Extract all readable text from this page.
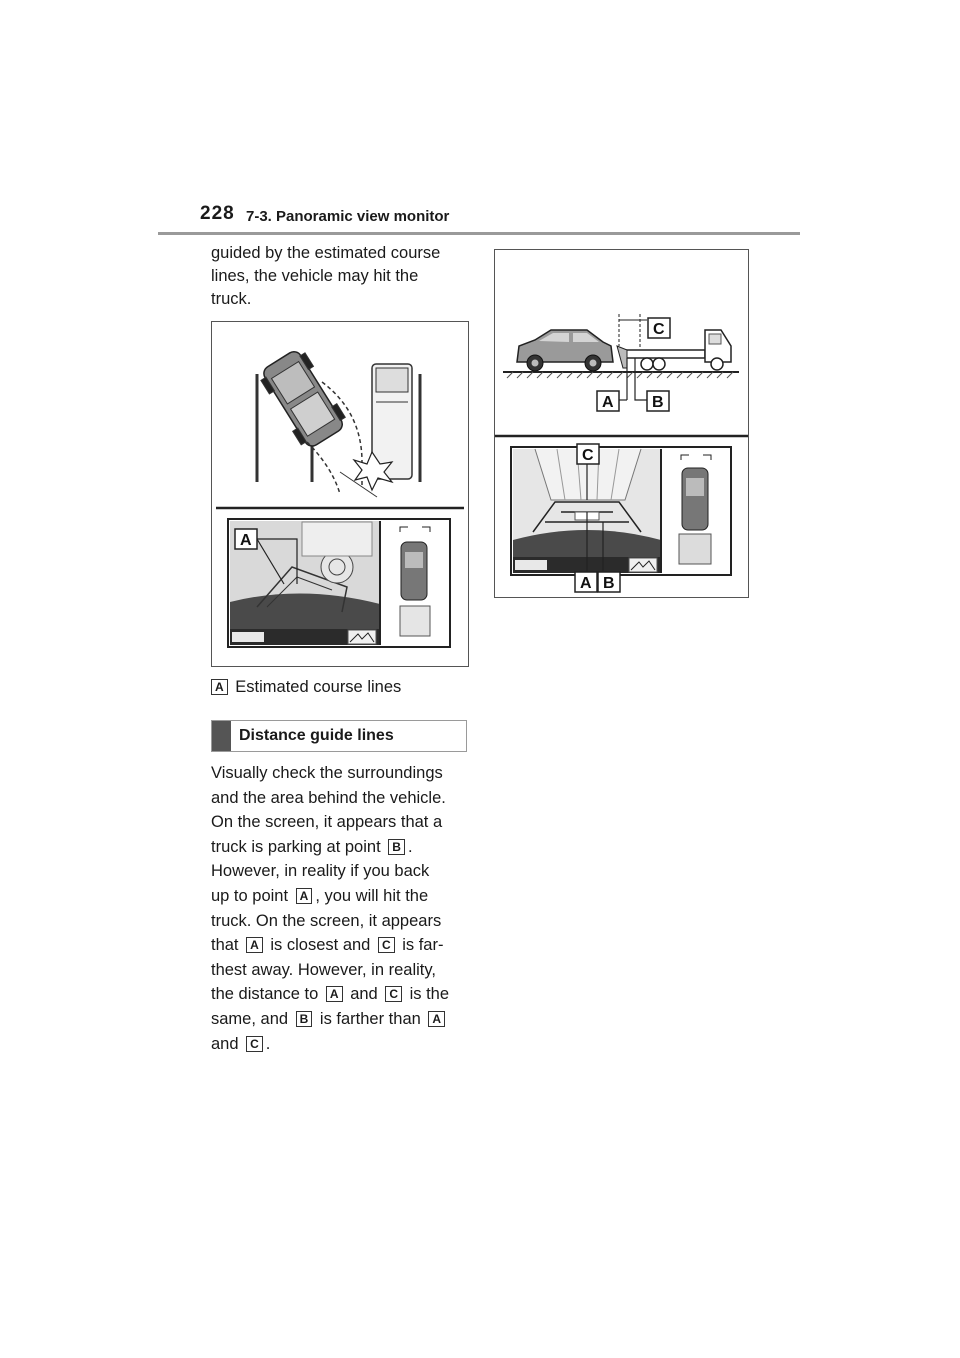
228 7-3. Panoramic view monitor
guided by the estimated course
lines, the vehicle may hit the
truck.
A
A Estimated course lines
Distance guide lines
Visually check the surroundings
and the area behind the vehicle.
On the screen, it appears that a
truck is parking at point B .
However, in reality if you back
up to point A , you will hit the
truck. On the screen, it appears
that A is closest and C is far-
thest away. However, in reality,
the distance to A and C is the
same, and B is farther than A
and C .
C
A B
C
A B
